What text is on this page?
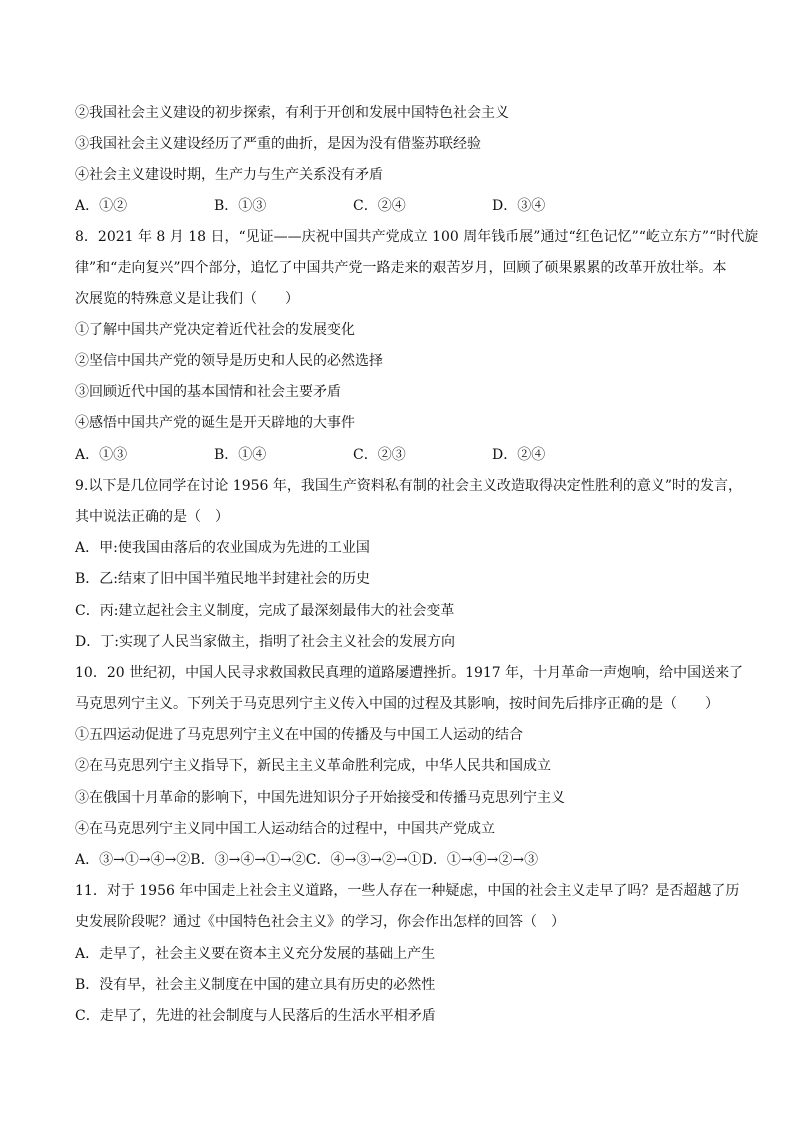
②我国社会主义建设的初步探索，有利于开创和发展中国特色社会主义
③我国社会主义建设经历了严重的曲折，是因为没有借鉴苏联经验
④社会主义建设时期，生产力与生产关系没有矛盾
A．①②	B．①③	C．②④	D．③④
8．2021 年 8 月 18 日，“见证——庆祝中国共产党成立 100 周年钱币展”通过“红色记忆”“屹立东方”“时代旋
律”和“走向复兴”四个部分，追忆了中国共产党一路走来的艰苦岁月，回顾了硕果累累的改革开放壮举。本
次展览的特殊意义是让我们（　　）
①了解中国共产党决定着近代社会的发展变化
②坚信中国共产党的领导是历史和人民的必然选择
③回顾近代中国的基本国情和社会主要矛盾
④感悟中国共产党的诞生是开天辟地的大事件
A．①③	B．①④	C．②③	D．②④
9.以下是几位同学在讨论 1956 年，我国生产资料私有制的社会主义改造取得决定性胜利的意义”时的发言，
其中说法正确的是（　）
A．甲:使我国由落后的农业国成为先进的工业国
B．乙:结束了旧中国半殖民地半封建社会的历史
C．丙:建立起社会主义制度，完成了最深刻最伟大的社会变革
D．丁:实现了人民当家做主，指明了社会主义社会的发展方向
10．20 世纪初，中国人民寻求救国救民真理的道路屡遭挫折。1917 年，十月革命一声炮响，给中国送来了
马克思列宁主义。下列关于马克思列宁主义传入中国的过程及其影响，按时间先后排序正确的是（　　）
①五四运动促进了马克思列宁主义在中国的传播及与中国工人运动的结合
②在马克思列宁主义指导下，新民主主义革命胜利完成，中华人民共和国成立
③在俄国十月革命的影响下，中国先进知识分子开始接受和传播马克思列宁主义
④在马克思列宁主义同中国工人运动结合的过程中，中国共产党成立
A．③→①→④→②B．③→④→①→②C．④→③→②→①D．①→④→②→③
11．对于 1956 年中国走上社会主义道路，一些人存在一种疑虑，中国的社会主义走早了吗？是否超越了历
史发展阶段呢？通过《中国特色社会主义》的学习，你会作出怎样的回答（　）
A．走早了，社会主义要在资本主义充分发展的基础上产生
B．没有早，社会主义制度在中国的建立具有历史的必然性
C．走早了，先进的社会制度与人民落后的生活水平相矛盾
